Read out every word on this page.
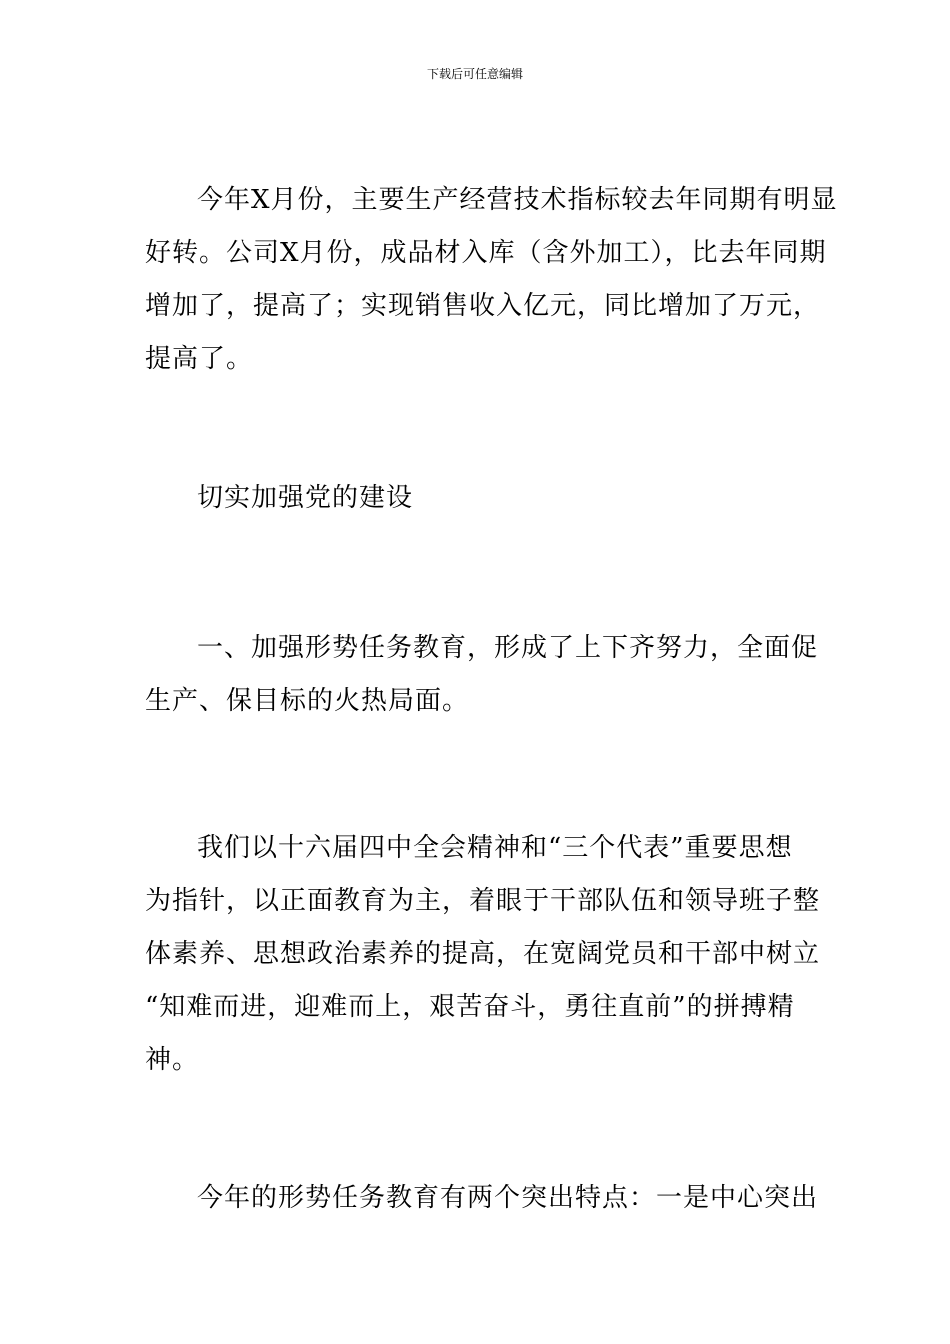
下载后可任意编辑

今年X月份，主要生产经营技术指标较去年同期有明显
好转。公司X月份，成品材入库（含外加工），比去年同期
增加了，提高了；实现销售收入亿元，同比增加了万元，
提高了。

切实加强党的建设

一、加强形势任务教育，形成了上下齐努力，全面促
生产、保目标的火热局面。

我们以十六届四中全会精神和“三个代表”重要思想
为指针，以正面教育为主，着眼于干部队伍和领导班子整
体素养、思想政治素养的提高，在宽阔党员和干部中树立
“知难而进，迎难而上，艰苦奋斗，勇往直前”的拼搏精
神。

今年的形势任务教育有两个突出特点：一是中心突出
